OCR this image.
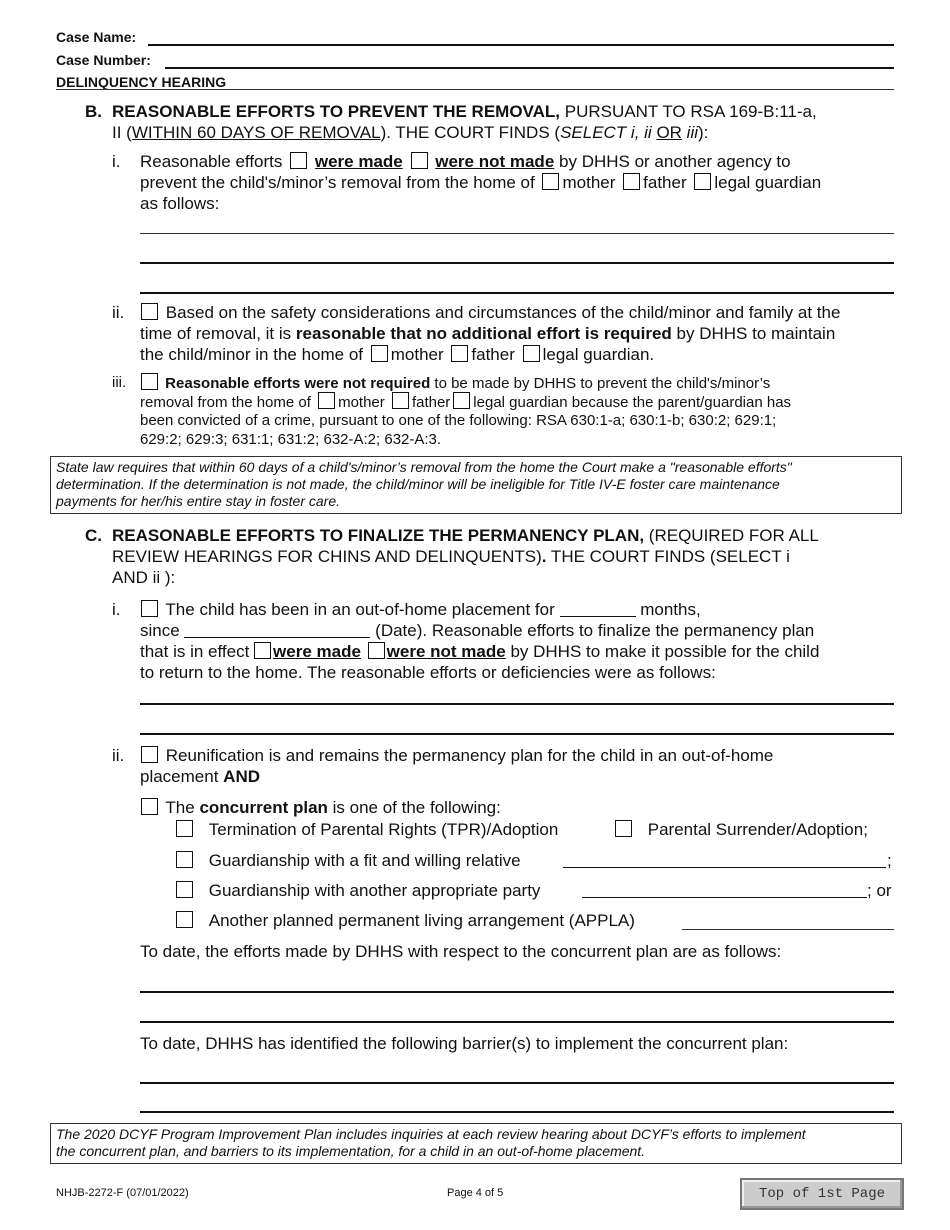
Case Name:
Case Number:
DELINQUENCY HEARING
B. REASONABLE EFFORTS TO PREVENT THE REMOVAL, PURSUANT TO RSA 169-B:11-a,
II (WITHIN 60 DAYS OF REMOVAL). THE COURT FINDS (SELECT i, ii OR iii):
i. Reasonable efforts were made were not made by DHHS or another agency to
prevent the child's/minor’s removal from the home of mother father legal guardian
as follows:
ii.	Based on the safety considerations and circumstances of the child/minor and family at the
time of removal, it is reasonable that no additional effort is required by DHHS to maintain
the child/minor in the home of mother father legal guardian.
iii.	Reasonable efforts were not required to be made by DHHS to prevent the child's/minor’s
removal from the home of mother father legal guardian because the parent/guardian has
been convicted of a crime, pursuant to one of the following: RSA 630:1-a; 630:1-b; 630:2; 629:1;
629:2; 629:3; 631:1; 631:2; 632-A:2; 632-A:3.
State law requires that within 60 days of a child's/minor’s removal from the home the Court make a "reasonable efforts"
determination. If the determination is not made, the child/minor will be ineligible for Title IV-E foster care maintenance
payments for her/his entire stay in foster care.
C. REASONABLE EFFORTS TO FINALIZE THE PERMANENCY PLAN, (REQUIRED FOR ALL
REVIEW HEARINGS FOR CHINS AND DELINQUENTS). THE COURT FINDS (SELECT i
AND ii ):
i.	The child has been in an out-of-home placement for	months,
since	(Date). Reasonable efforts to finalize the permanency plan
that is in effect were made were not made by DHHS to make it possible for the child
to return to the home. The reasonable efforts or deficiencies were as follows:
ii.	Reunification is and remains the permanency plan for the child in an out-of-home
placement AND
The concurrent plan is one of the following:
Termination of Parental Rights (TPR)/Adoption	Parental Surrender/Adoption;
Guardianship with a fit and willing relative	;
Guardianship with another appropriate party	; or
Another planned permanent living arrangement (APPLA)
To date, the efforts made by DHHS with respect to the concurrent plan are as follows:
To date, DHHS has identified the following barrier(s) to implement the concurrent plan:
The 2020 DCYF Program Improvement Plan includes inquiries at each review hearing about DCYF’s efforts to implement
the concurrent plan, and barriers to its implementation, for a child in an out-of-home placement.
NHJB-2272-F (07/01/2022)	Page 4 of 5	Top of 1st Page
